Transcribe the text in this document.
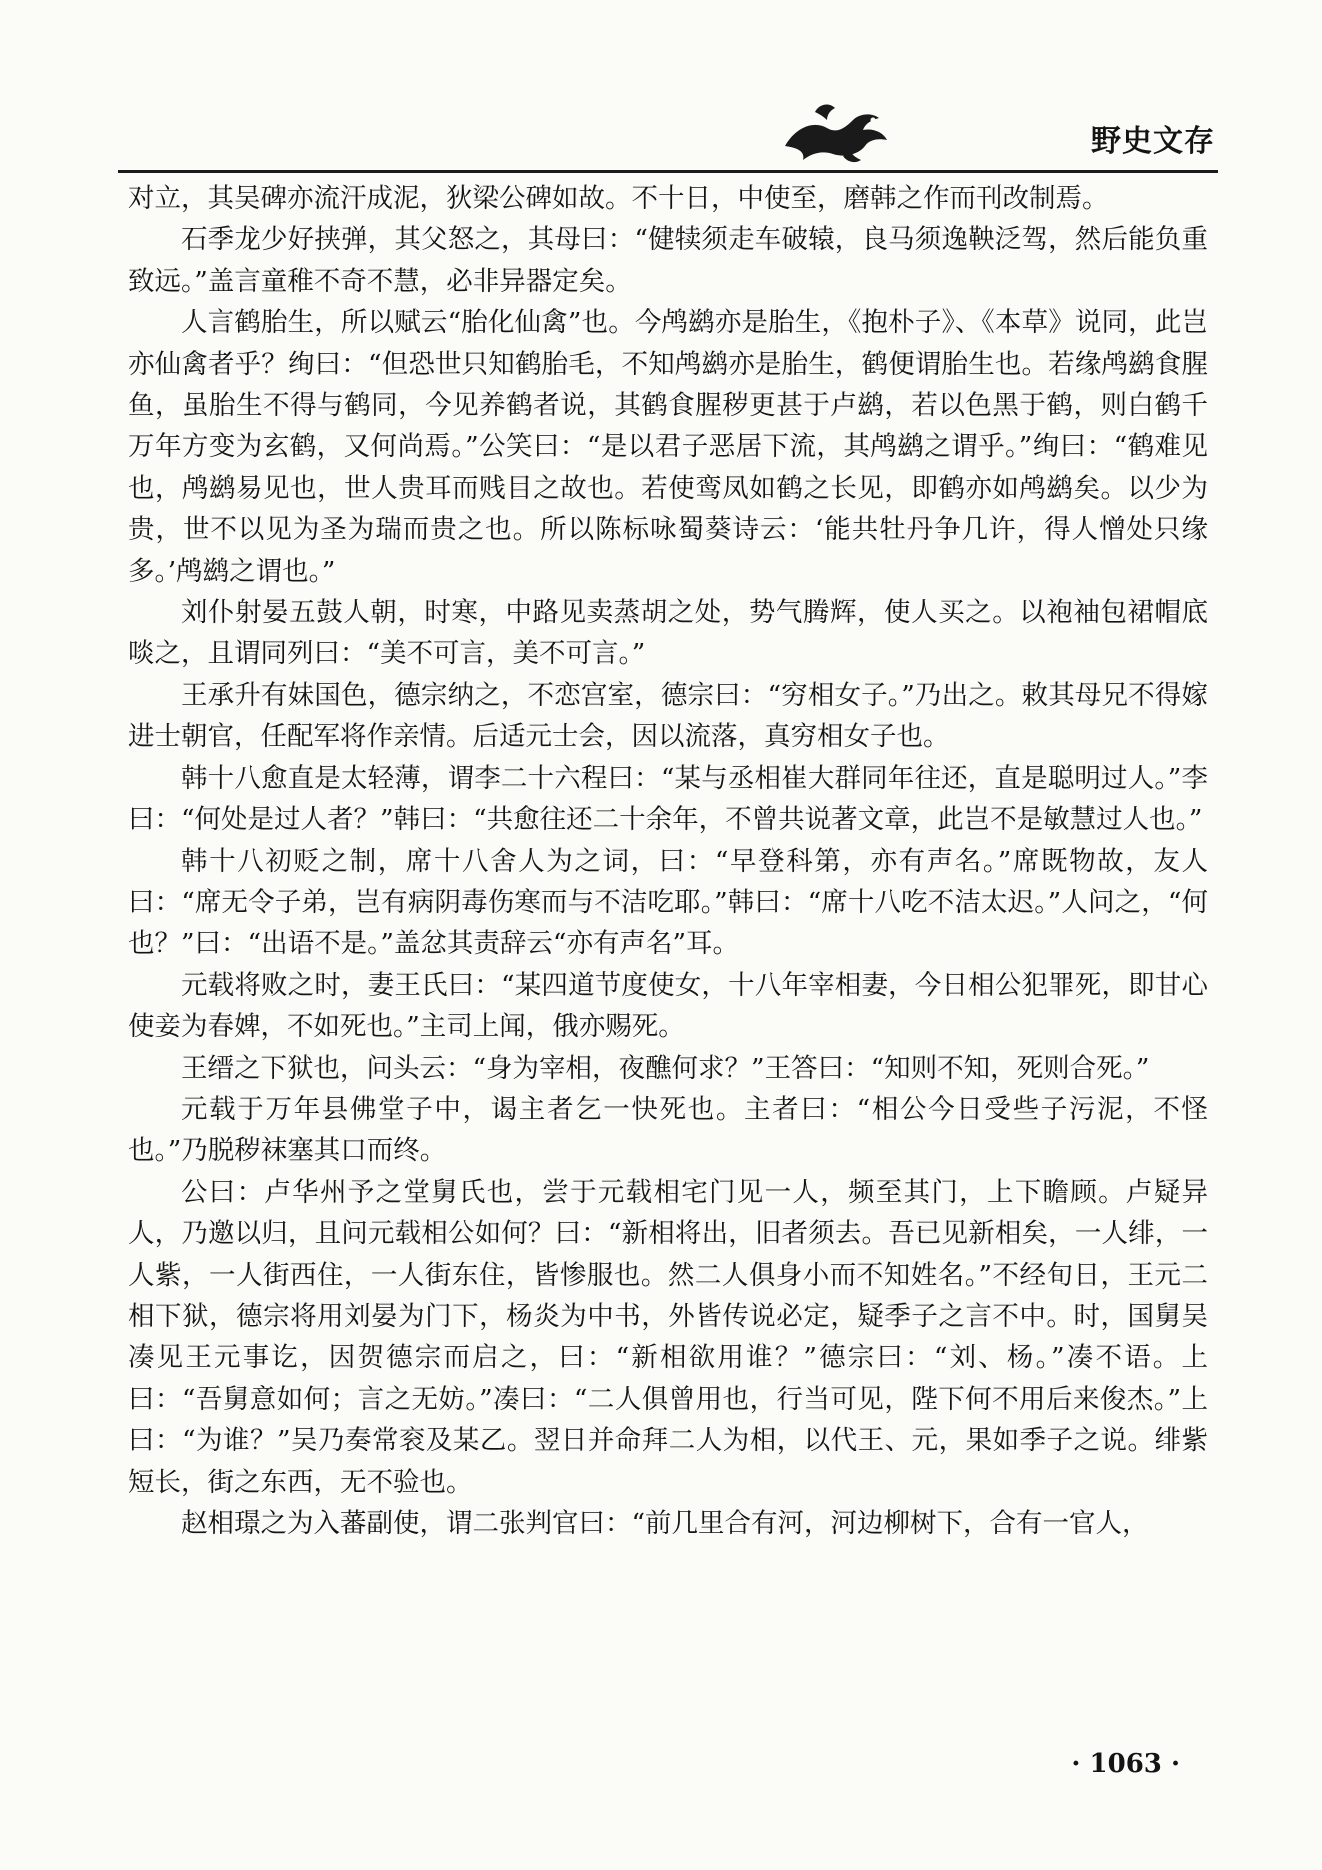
野史文存

对立，其吴碑亦流汗成泥，狄梁公碑如故。不十日，中使至，磨韩之作而刊改制焉。

石季龙少好挟弹，其父怒之，其母曰：“健犊须走车破辕，良马须逸鞅泛驾，然后能负重致远。”盖言童稚不奇不慧，必非异器定矣。

人言鹤胎生，所以赋云“胎化仙禽”也。今鸬鹚亦是胎生，《抱朴子》、《本草》说同，此岂亦仙禽者乎？绚曰：“但恐世只知鹤胎毛，不知鸬鹚亦是胎生，鹤便谓胎生也。若缘鸬鹚食腥鱼，虽胎生不得与鹤同，今见养鹤者说，其鹤食腥秽更甚于卢鹚，若以色黑于鹤，则白鹤千万年方变为玄鹤，又何尚焉。”公笑曰：“是以君子恶居下流，其鸬鹚之谓乎。”绚曰：“鹤难见也，鸬鹚易见也，世人贵耳而贱目之故也。若使鸾凤如鹤之长见，即鹤亦如鸬鹚矣。以少为贵，世不以见为圣为瑞而贵之也。所以陈标咏蜀葵诗云：‘能共牡丹争几许，得人憎处只缘多。’鸬鹚之谓也。”

刘仆射晏五鼓人朝，时寒，中路见卖蒸胡之处，势气腾辉，使人买之。以袍袖包裙帽底啖之，且谓同列曰：“美不可言，美不可言。”

王承升有妹国色，德宗纳之，不恋宫室，德宗曰：“穷相女子。”乃出之。敕其母兄不得嫁进士朝官，任配军将作亲情。后适元士会，因以流落，真穷相女子也。

韩十八愈直是太轻薄，谓李二十六程曰：“某与丞相崔大群同年往还，直是聪明过人。”李曰：“何处是过人者？”韩曰：“共愈往还二十余年，不曾共说著文章，此岂不是敏慧过人也。”

韩十八初贬之制，席十八舍人为之词，曰：“早登科第，亦有声名。”席既物故，友人曰：“席无令子弟，岂有病阴毒伤寒而与不洁吃耶。”韩曰：“席十八吃不洁太迟。”人问之，“何也？”曰：“出语不是。”盖忿其责辞云“亦有声名”耳。

元载将败之时，妻王氏曰：“某四道节度使女，十八年宰相妻，今日相公犯罪死，即甘心使妾为春婢，不如死也。”主司上闻，俄亦赐死。

王缙之下狱也，问头云：“身为宰相，夜醮何求？”王答曰：“知则不知，死则合死。”

元载于万年县佛堂子中，谒主者乞一快死也。主者曰：“相公今日受些子污泥，不怪也。”乃脱秽袜塞其口而终。

公曰：卢华州予之堂舅氏也，尝于元载相宅门见一人，频至其门，上下瞻顾。卢疑异人，乃邀以归，且问元载相公如何？曰：“新相将出，旧者须去。吾已见新相矣，一人绯，一人紫，一人街西住，一人街东住，皆惨服也。然二人俱身小而不知姓名。”不经旬日，王元二相下狱，德宗将用刘晏为门下，杨炎为中书，外皆传说必定，疑季子之言不中。时，国舅吴凑见王元事讫，因贺德宗而启之，曰：“新相欲用谁？”德宗曰：“刘、杨。”凑不语。上曰：“吾舅意如何；言之无妨。”凑曰：“二人俱曾用也，行当可见，陛下何不用后来俊杰。”上曰：“为谁？”吴乃奏常衮及某乙。翌日并命拜二人为相，以代王、元，果如季子之说。绯紫短长，街之东西，无不验也。

赵相璟之为入蕃副使，谓二张判官曰：“前几里合有河，河边柳树下，合有一官人，

· 1063 ·
